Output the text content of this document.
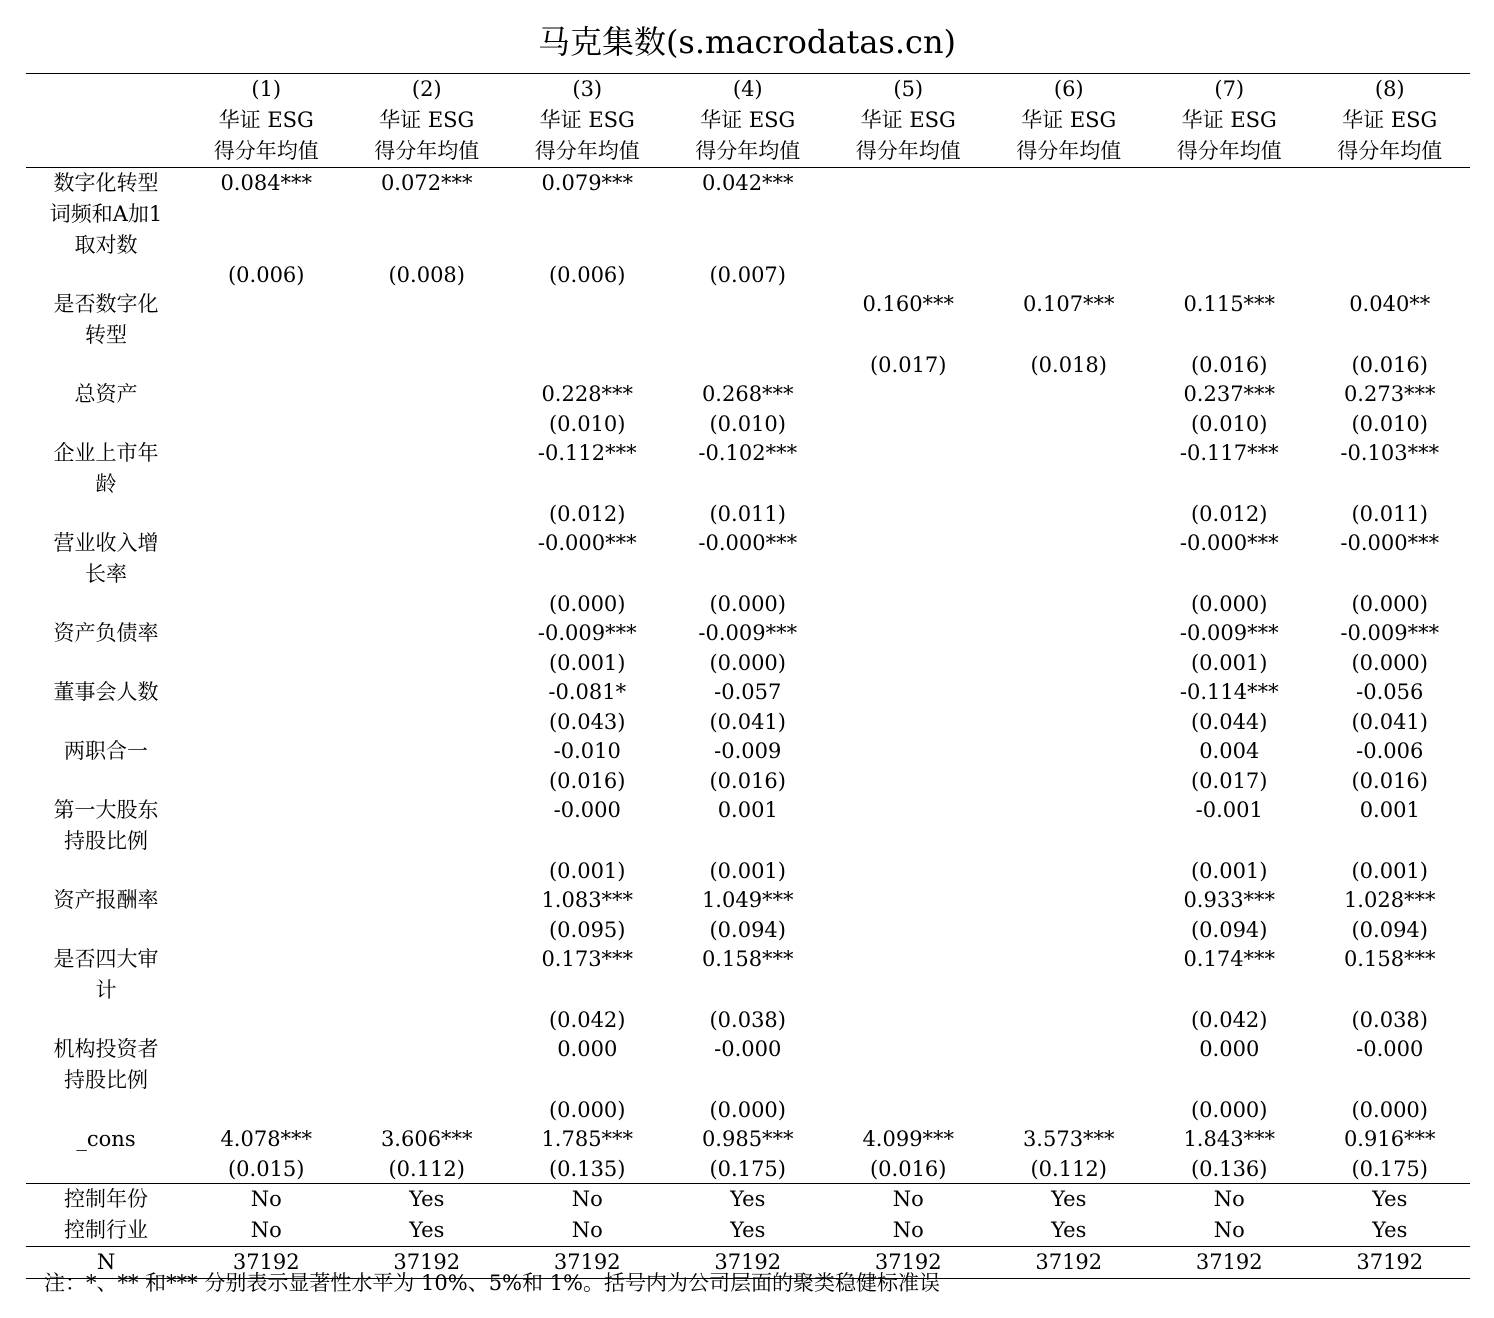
马克集数(s.macrodatas.cn)
	(1)	(2)	(3)	(4)	(5)	(6)	(7)	(8)
	华证 ESG	华证 ESG	华证 ESG	华证 ESG	华证 ESG	华证 ESG	华证 ESG	华证 ESG
	得分年均值	得分年均值	得分年均值	得分年均值	得分年均值	得分年均值	得分年均值	得分年均值

数字化转型词频和A加1取对数	0.084***	0.072***	0.079***	0.042***				
	(0.006)	(0.008)	(0.006)	(0.007)				

是否数字化转型					0.160***	0.107***	0.115***	0.040**
					(0.017)	(0.018)	(0.016)	(0.016)

总资产			0.228***	0.268***			0.237***	0.273***
			(0.010)	(0.010)			(0.010)	(0.010)

企业上市年龄			-0.112***	-0.102***			-0.117***	-0.103***
			(0.012)	(0.011)			(0.012)	(0.011)

营业收入增长率			-0.000***	-0.000***			-0.000***	-0.000***
			(0.000)	(0.000)			(0.000)	(0.000)

资产负债率			-0.009***	-0.009***			-0.009***	-0.009***
			(0.001)	(0.000)			(0.001)	(0.000)

董事会人数			-0.081*	-0.057			-0.114***	-0.056
			(0.043)	(0.041)			(0.044)	(0.041)

两职合一			-0.010	-0.009			0.004	-0.006
			(0.016)	(0.016)			(0.017)	(0.016)

第一大股东持股比例			-0.000	0.001			-0.001	0.001
			(0.001)	(0.001)			(0.001)	(0.001)

资产报酬率			1.083***	1.049***			0.933***	1.028***
			(0.095)	(0.094)			(0.094)	(0.094)

是否四大审计			0.173***	0.158***			0.174***	0.158***
			(0.042)	(0.038)			(0.042)	(0.038)

机构投资者持股比例			0.000	-0.000			0.000	-0.000
			(0.000)	(0.000)			(0.000)	(0.000)

_cons	4.078***	3.606***	1.785***	0.985***	4.099***	3.573***	1.843***	0.916***
	(0.015)	(0.112)	(0.135)	(0.175)	(0.016)	(0.112)	(0.136)	(0.175)
控制年份	No	Yes	No	Yes	No	Yes	No	Yes
控制行业	No	Yes	No	Yes	No	Yes	No	Yes
N	37192	37192	37192	37192	37192	37192	37192	37192
注：*、** 和*** 分别表示显著性水平为 10%、5%和 1%。括号内为公司层面的聚类稳健标准误
